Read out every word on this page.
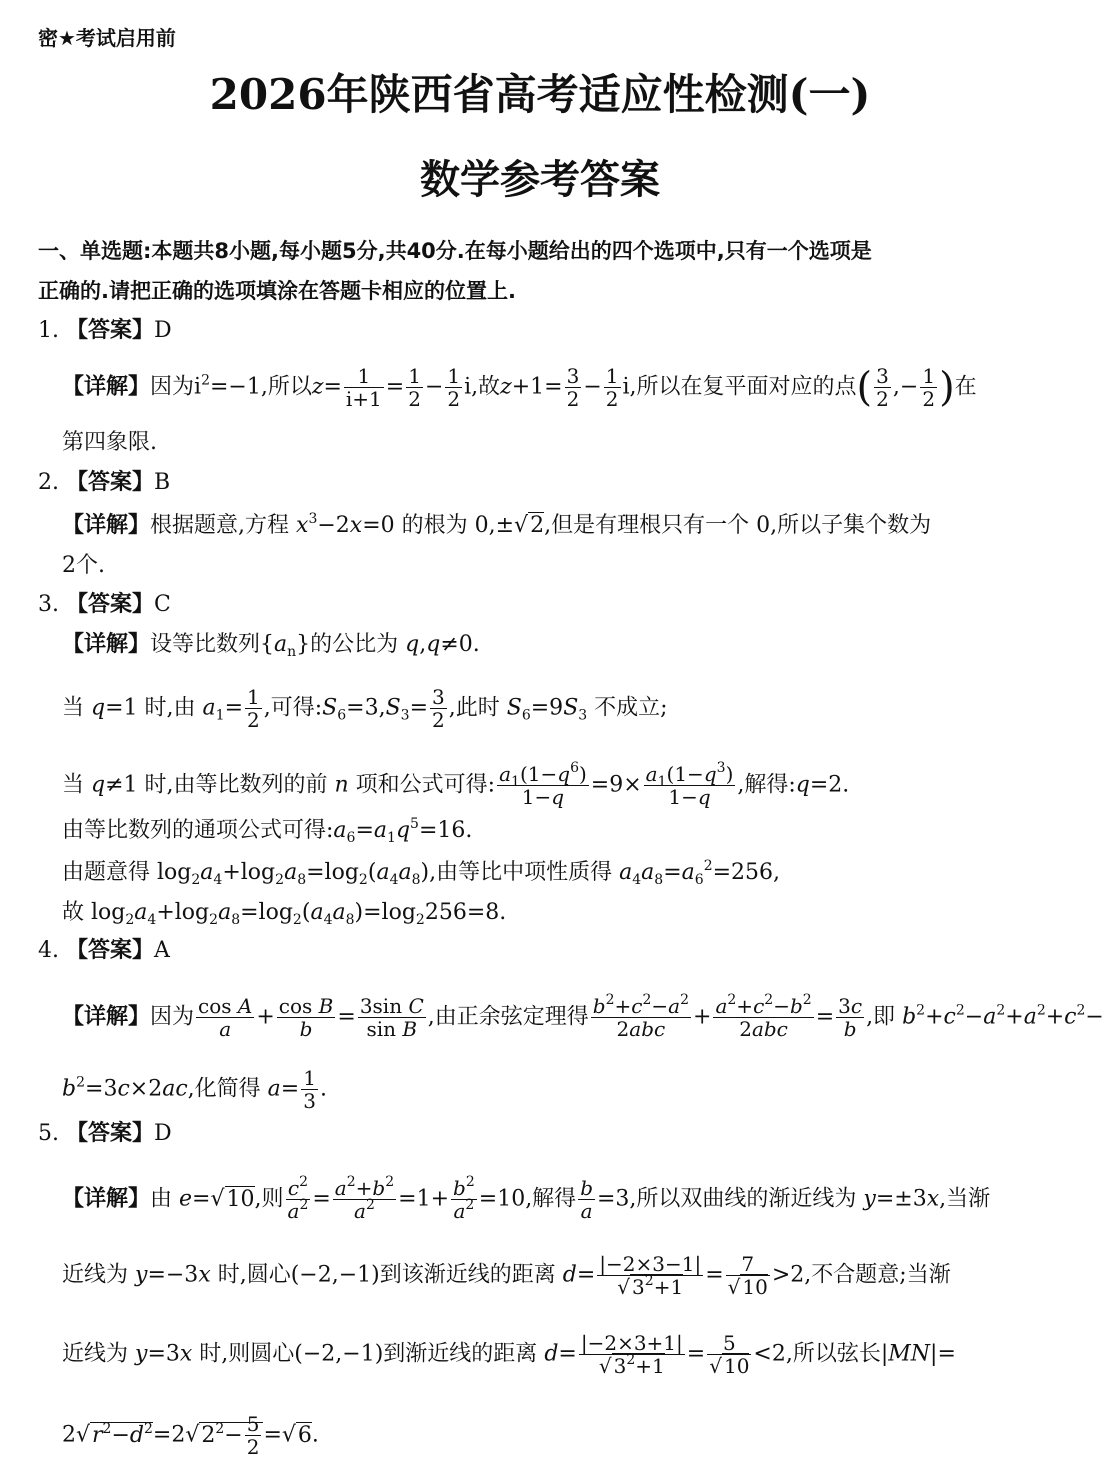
密★考试启用前
2026年陕西省高考适应性检测(一)
数学参考答案
一、单选题:本题共8小题,每小题5分,共40分.在每小题给出的四个选项中,只有一个选项是
正确的.请把正确的选项填涂在答题卡相应的位置上.
1. 【答案】D
【详解】因为$i^2=-1$,所以$z= \frac{1}{i+1} = \frac{1}{2} - \frac{1}{2} i$,故$z+1= \frac{3}{2} - \frac{1}{2} i$,所以在复平面对应的点( $\frac{3}{2}$ ,− $\frac{1}{2}$ )在
第四象限.
2. 【答案】B
【详解】根据题意,方程 $x^3-2x=0$ 的根为 0,±√2,但是有理根只有一个 0,所以子集个数为
2个.
3. 【答案】C
【详解】设等比数列$\{a_n\}$的公比为 q,q≠0.
当 q=1 时,由 $a_1= \frac{1}{2}$ ,可得$:S_6=3,S_3= \frac{3}{2}$ ,此时 $S_6=9S_3$ 不成立;
当 q≠1 时,由等比数列的前 n 项和公式可得: $\frac{a_1(1-q^6)}{1-q} =9\times \frac{a_1(1-q^3)}{1-q}$ ,解得:q=2.
由等比数列的通项公式可得$:a_6=a_1q^5=16$.
由题意得 $\log_2a_4+\log_2a_8=\log_2(a_4a_8)$,由等比中项性质得 $a_4a_8=a_6^2=256$,
故 $\log_2a_4+\log_2a_8=\log_2(a_4a_8)=\log_2256=8$.
4. 【答案】A
【详解】因为 $\frac{\text{cos A}}{a} + \frac{\text{cos B}}{b} = \frac{\text{3sin C}}{\text{sin B}}$ ,由正余弦定理得 $\frac{b^2+c^2-a^2}{\text{2abc}} + \frac{a^2+c^2-b^2}{\text{2abc}} = \frac{3c}{b}$ ,即 $b^2+c^2-a^2+a^2+c^2-$
$b^2=3c\times 2ac$,化简得 $a= \frac{1}{3}$ .
5. 【答案】D
【详解】由 e=√10,则 $\frac{c^2}{a^2} = \frac{a^2+b^2}{a^2} =1+ \frac{b^2}{a^2} =10$,解得 $\frac{b}{a} =3$,所以双曲线的渐近线为 y=±3x,当渐
近线为 y=−3x 时,圆心(−2,−1)到该渐近线的距离 $d= \frac{|-2\times 3-1|}{√ 3^2+1} = \frac{7}{√ 10} >2$,不合题意;当渐
近线为 y=3x 时,则圆心(−2,−1)到渐近线的距离 $d= \frac{|-2\times 3+1|}{√ 3^2+1} = \frac{5}{√ 10} <2$,所以弦长|MN|=
$2√r^2-d^2=2√2^2- \frac{5}{2} =√6$.
